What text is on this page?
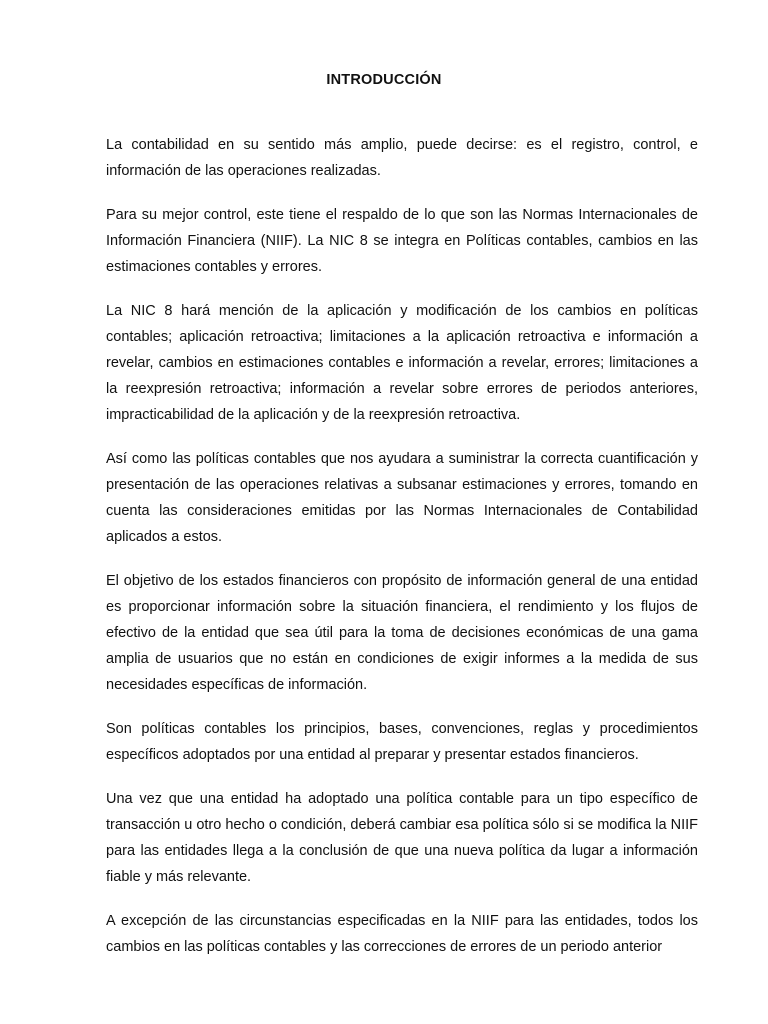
INTRODUCCIÓN

La contabilidad en su sentido más amplio, puede decirse: es el registro, control, e información de las operaciones realizadas.

Para su mejor control, este tiene el respaldo de lo que son las Normas Internacionales de Información Financiera (NIIF). La NIC 8 se integra en Políticas contables, cambios en las estimaciones contables y errores.

La NIC 8 hará mención de la aplicación y modificación de los cambios en políticas contables; aplicación retroactiva; limitaciones a la aplicación retroactiva e información a revelar, cambios en estimaciones contables e información a revelar, errores; limitaciones a la reexpresión retroactiva; información a revelar sobre errores de periodos anteriores, impracticabilidad de la aplicación y de la reexpresión retroactiva.

Así como las políticas contables que nos ayudara a suministrar la correcta cuantificación y presentación de las operaciones relativas a subsanar estimaciones y errores, tomando en cuenta las consideraciones emitidas por las Normas Internacionales de Contabilidad aplicados a estos.

El objetivo de los estados financieros con propósito de información general de una entidad es proporcionar información sobre la situación financiera, el rendimiento y los flujos de efectivo de la entidad que sea útil para la toma de decisiones económicas de una gama amplia de usuarios que no están en condiciones de exigir informes a la medida de sus necesidades específicas de información.

Son políticas contables los principios, bases, convenciones, reglas y procedimientos específicos adoptados por una entidad al preparar y presentar estados financieros.

Una vez que una entidad ha adoptado una política contable para un tipo específico de transacción u otro hecho o condición, deberá cambiar esa política sólo si se modifica la NIIF para las entidades llega a la conclusión de que una nueva política da lugar a información fiable y más relevante.

A excepción de las circunstancias especificadas en la NIIF para las entidades, todos los cambios en las políticas contables y las correcciones de errores de un periodo anterior
